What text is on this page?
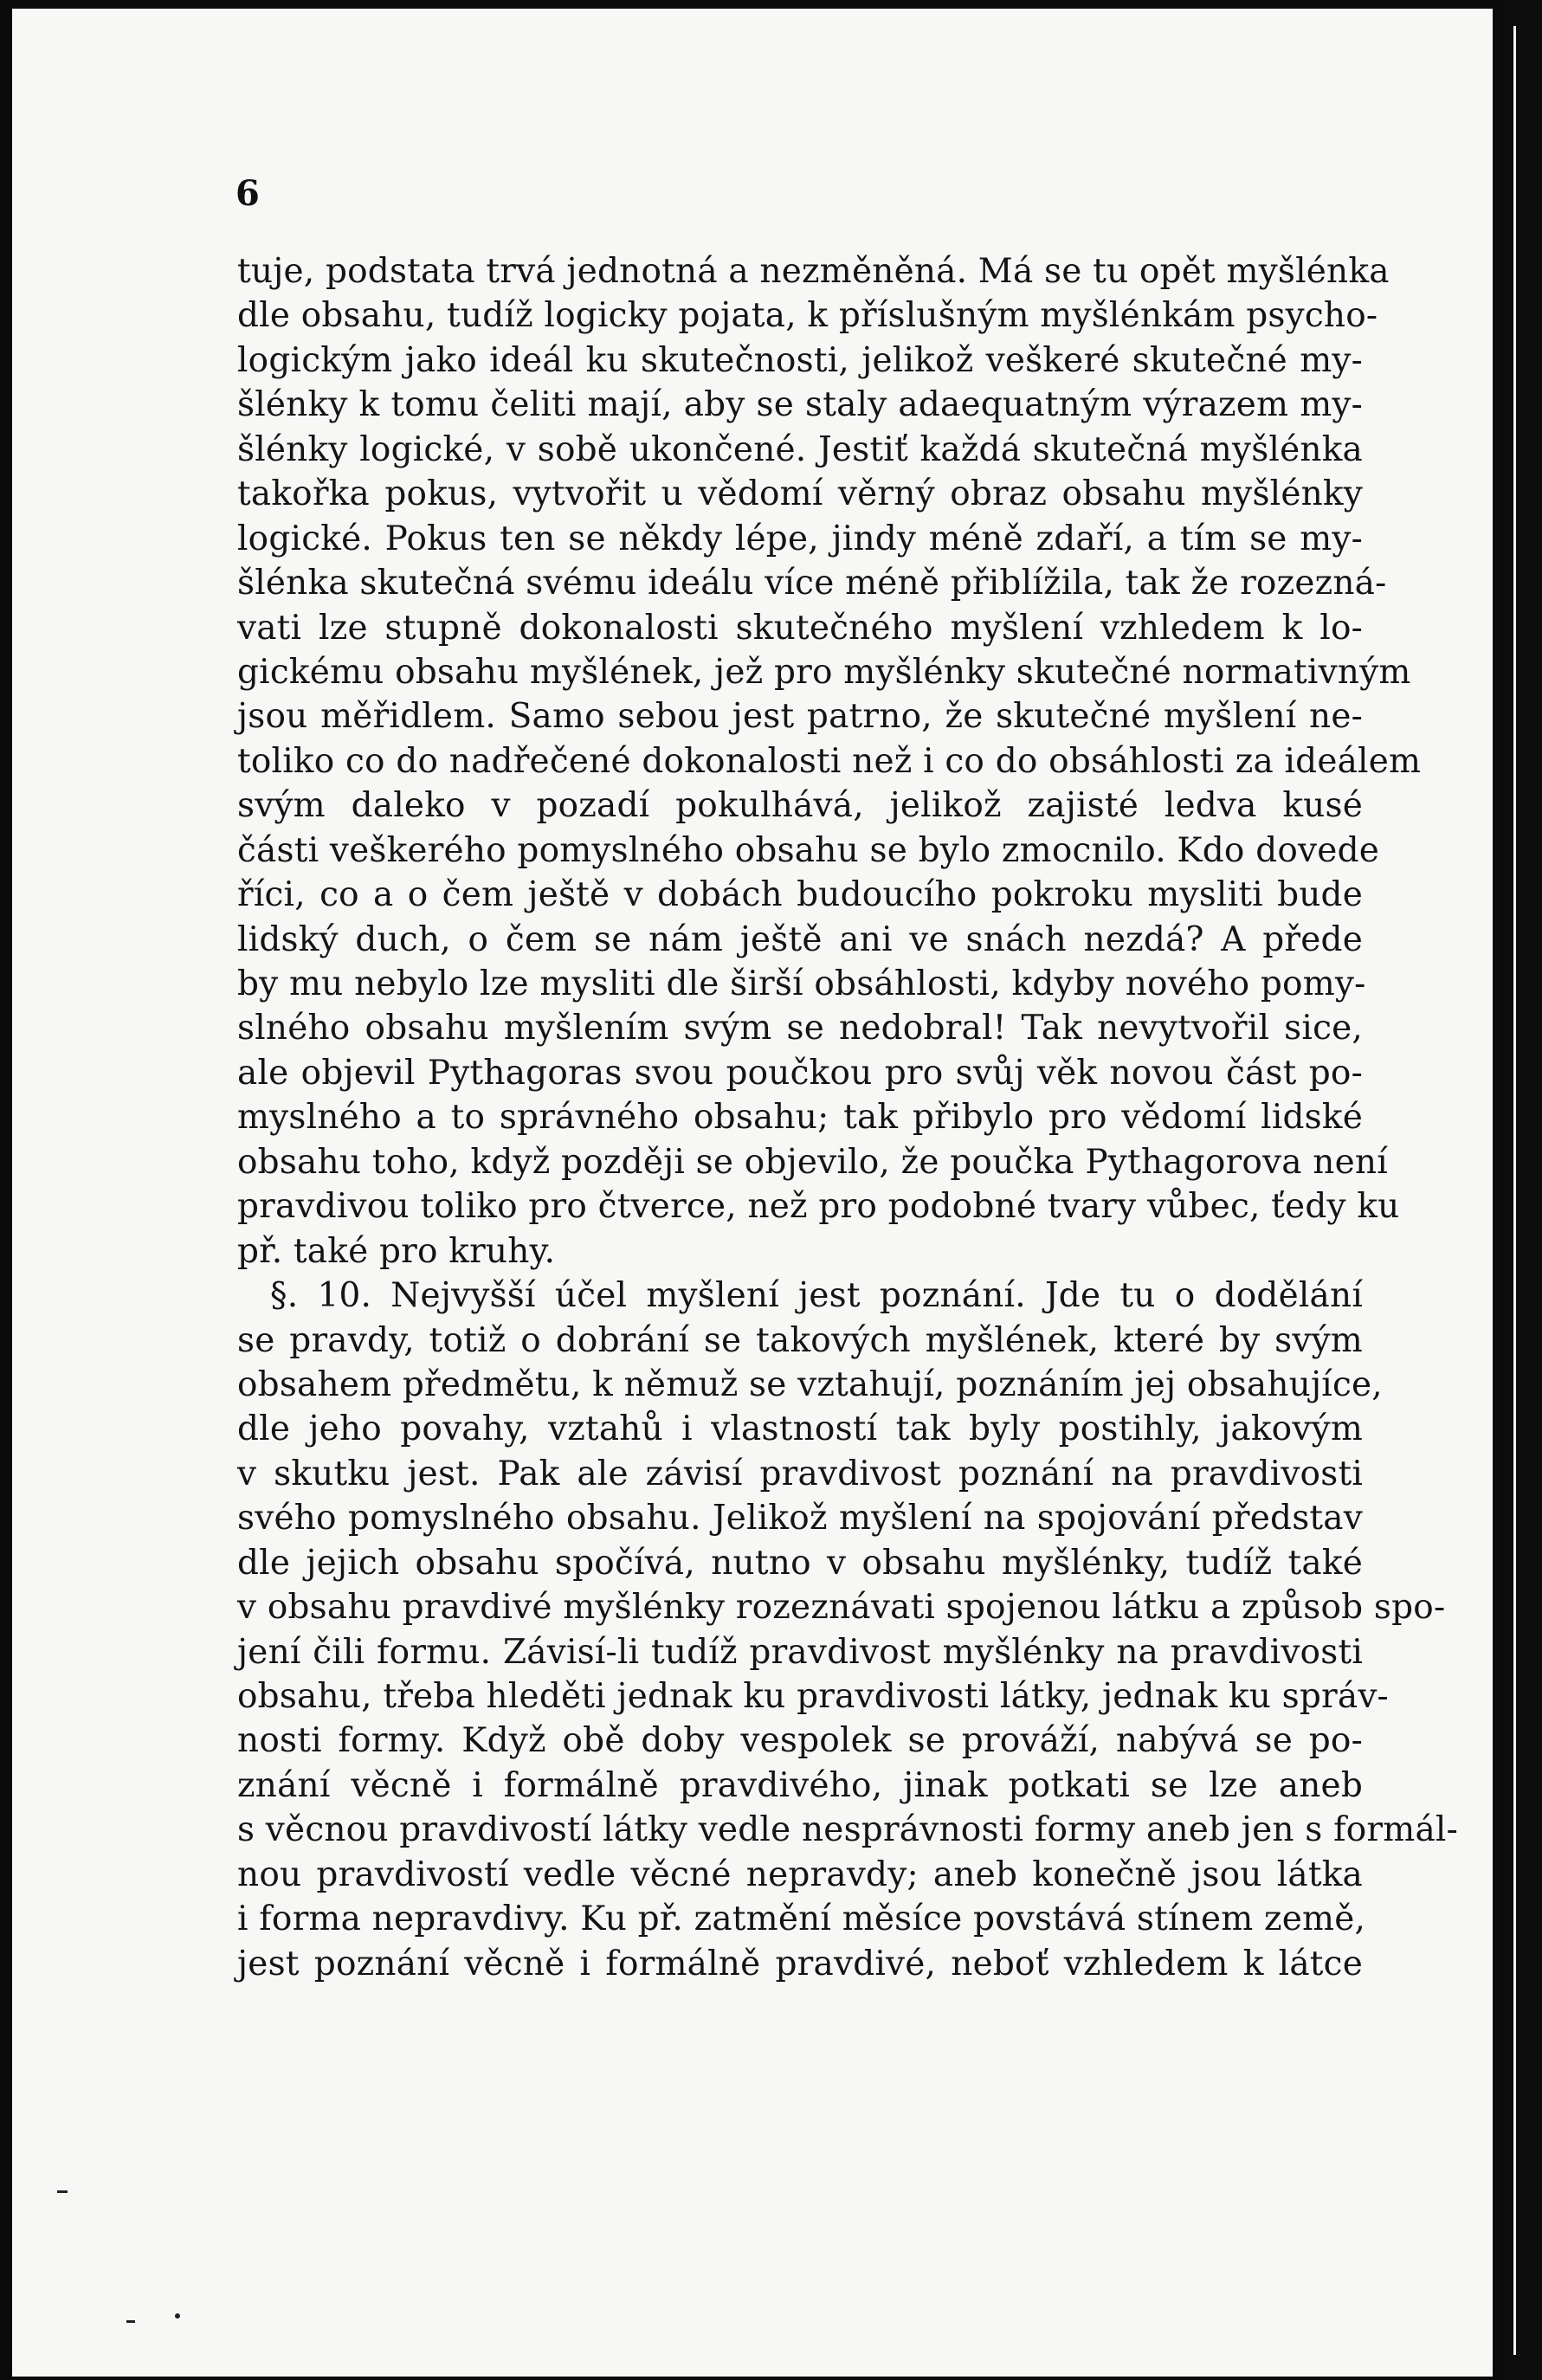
6
tuje, podstata trvá jednotná a nezměněná. Má se tu opět myšlénka
dle obsahu, tudíž logicky pojata, k příslušným myšlénkám psycho-
logickým jako ideál ku skutečnosti, jelikož veškeré skutečné my-
šlénky k tomu čeliti mají, aby se staly adaequatným výrazem my-
šlénky logické, v sobě ukončené. Jestiť každá skutečná myšlénka
takořka pokus, vytvořit u vědomí věrný obraz obsahu myšlénky
logické. Pokus ten se někdy lépe, jindy méně zdaří, a tím se my-
šlénka skutečná svému ideálu více méně přiblížila, tak že rozezná-
vati lze stupně dokonalosti skutečného myšlení vzhledem k lo-
gickému obsahu myšlének, jež pro myšlénky skutečné normativným
jsou měřidlem. Samo sebou jest patrno, že skutečné myšlení ne-
toliko co do nadřečené dokonalosti než i co do obsáhlosti za ideálem
svým daleko v pozadí pokulhává, jelikož zajisté ledva kusé
části veškerého pomyslného obsahu se bylo zmocnilo. Kdo dovede
říci, co a o čem ještě v dobách budoucího pokroku mysliti bude
lidský duch, o čem se nám ještě ani ve snách nezdá? A přede
by mu nebylo lze mysliti dle širší obsáhlosti, kdyby nového pomy-
slného obsahu myšlením svým se nedobral! Tak nevytvořil sice,
ale objevil Pythagoras svou poučkou pro svůj věk novou část po-
myslného a to správného obsahu; tak přibylo pro vědomí lidské
obsahu toho, když později se objevilo, že poučka Pythagorova není
pravdivou toliko pro čtverce, než pro podobné tvary vůbec, ťedy ku
př. také pro kruhy.
§. 10. Nejvyšší účel myšlení jest poznání. Jde tu o dodělání
se pravdy, totiž o dobrání se takových myšlének, které by svým
obsahem předmětu, k němuž se vztahují, poznáním jej obsahujíce,
dle jeho povahy, vztahů i vlastností tak byly postihly, jakovým
v skutku jest. Pak ale závisí pravdivost poznání na pravdivosti
svého pomyslného obsahu. Jelikož myšlení na spojování představ
dle jejich obsahu spočívá, nutno v obsahu myšlénky, tudíž také
v obsahu pravdivé myšlénky rozeznávati spojenou látku a způsob spo-
jení čili formu. Závisí-li tudíž pravdivost myšlénky na pravdivosti
obsahu, třeba hleděti jednak ku pravdivosti látky, jednak ku správ-
nosti formy. Když obě doby vespolek se prováží, nabývá se po-
znání věcně i formálně pravdivého, jinak potkati se lze aneb
s věcnou pravdivostí látky vedle nesprávnosti formy aneb jen s formál-
nou pravdivostí vedle věcné nepravdy; aneb konečně jsou látka
i forma nepravdivy. Ku př. zatmění měsíce povstává stínem země,
jest poznání věcně i formálně pravdivé, neboť vzhledem k látce
